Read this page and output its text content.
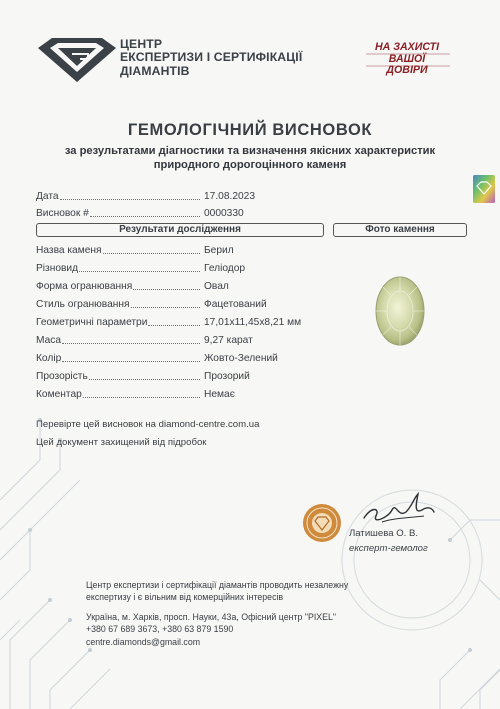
ЦЕНТР
ЕКСПЕРТИЗИ І СЕРТИФІКАЦІЇ
ДІАМАНТІВ
НА ЗАХИСТІ
ВАШОЇ
ДОВІРИ
ГЕМОЛОГІЧНИЙ ВИСНОВОК
за результатами діагностики та визначення якісних характеристик
природного дорогоцінного каменя
Дата	17.08.2023
Висновок #	0000330
Результати дослідження	Фото камення
Назва каменя	Берил
Різновид	Геліодор
Форма огранювання	Овал
Стиль огранювання	Фацетований
Геометричні параметри	17,01x11,45x8,21 мм
Маса	9,27 карат
Колір	Жовто-Зелений
Прозорість	Прозорий
Коментар	Немає
Перевірте цей висновок на diamond-centre.com.ua
Цей документ захищений від підробок
Латишева О. В.
експерт-гемолог
Центр експертизи і сертифікації діамантів проводить незалежну
експертизу і є вільним від комерційних інтересів
Україна, м. Харків, просп. Науки, 43а, Офісний центр "PIXEL"
+380 67 689 3673, +380 63 879 1590
centre.diamonds@gmail.com
